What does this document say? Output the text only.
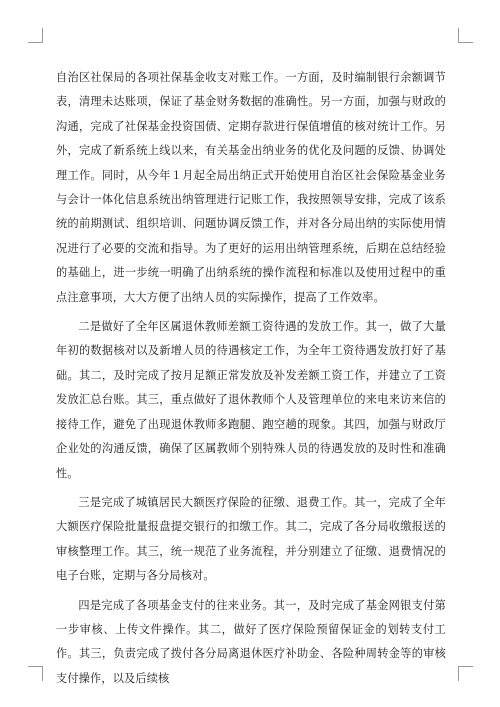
自治区社保局的各项社保基金收支对账工作。一方面，及时编制银行余额调节表，清理未达账项，保证了基金财务数据的准确性。另一方面，加强与财政的沟通，完成了社保基金投资国债、定期存款进行保值增值的核对统计工作。另外，完成了新系统上线以来，有关基金出纳业务的优化及问题的反馈、协调处理工作。同时，从今年１月起全局出纳正式开始使用自治区社会保险基金业务与会计一体化信息系统出纳管理进行记账工作，我按照领导安排，完成了该系统的前期测试、组织培训、问题协调反馈工作，并对各分局出纳的实际使用情况进行了必要的交流和指导。为了更好的运用出纳管理系统，后期在总结经验的基础上，进一步统一明确了出纳系统的操作流程和标准以及使用过程中的重点注意事项，大大方便了出纳人员的实际操作，提高了工作效率。

二是做好了全年区属退休教师差额工资待遇的发放工作。其一，做了大量年初的数据核对以及新增人员的待遇核定工作，为全年工资待遇发放打好了基础。其二，及时完成了按月足额正常发放及补发差额工资工作，并建立了工资发放汇总台账。其三，重点做好了退休教师个人及管理单位的来电来访来信的接待工作，避免了出现退休教师多跑腿、跑空趟的现象。其四，加强与财政厅企业处的沟通反馈，确保了区属教师个别特殊人员的待遇发放的及时性和准确性。

三是完成了城镇居民大额医疗保险的征缴、退费工作。其一，完成了全年大额医疗保险批量报盘提交银行的扣缴工作。其二，完成了各分局收缴报送的审核整理工作。其三，统一规范了业务流程，并分别建立了征缴、退费情况的电子台账，定期与各分局核对。

四是完成了各项基金支付的往来业务。其一，及时完成了基金网银支付第一步审核、上传文件操作。其二，做好了医疗保险预留保证金的划转支付工作。其三，负责完成了拨付各分局离退休医疗补助金、各险种周转金等的审核支付操作，以及后续核
